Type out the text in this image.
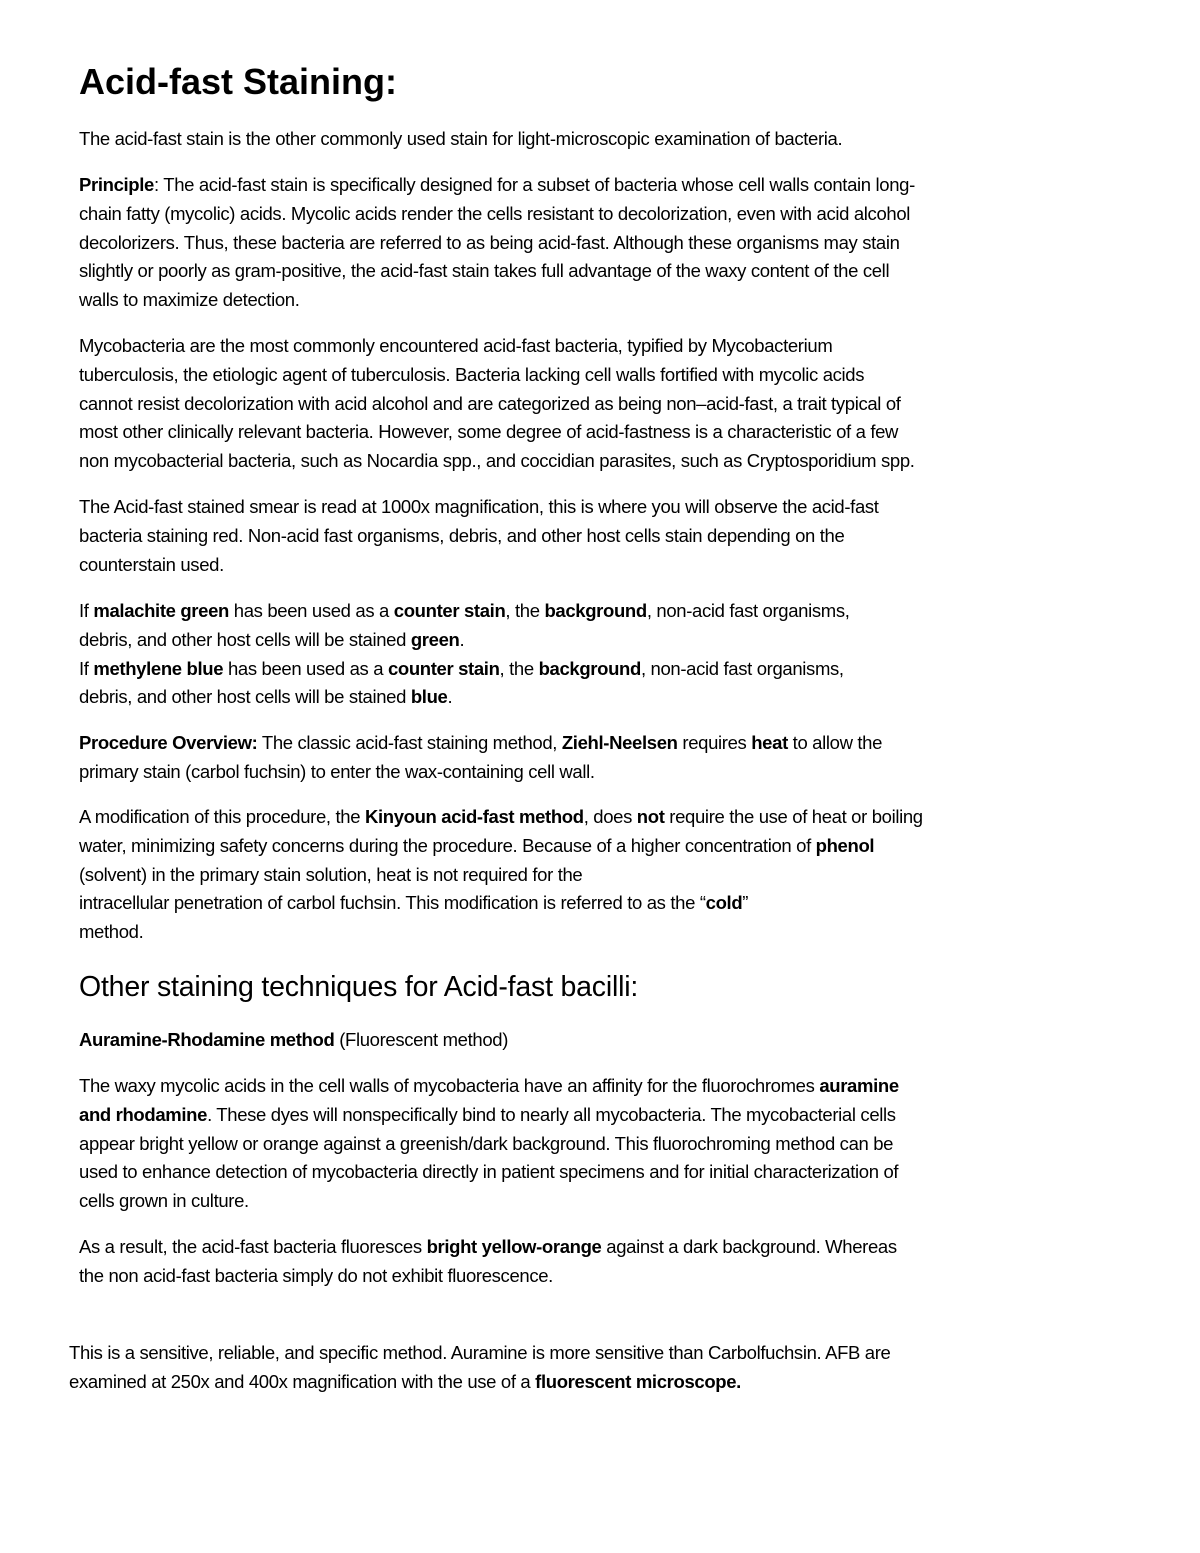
Acid-fast Staining:
The acid-fast stain is the other commonly used stain for light-microscopic examination of bacteria.
Principle: The acid-fast stain is specifically designed for a subset of bacteria whose cell walls contain long-
chain fatty (mycolic) acids. Mycolic acids render the cells resistant to decolorization, even with acid alcohol
decolorizers. Thus, these bacteria are referred to as being acid-fast. Although these organisms may stain
slightly or poorly as gram-positive, the acid-fast stain takes full advantage of the waxy content of the cell
walls to maximize detection.
Mycobacteria are the most commonly encountered acid-fast bacteria, typified by Mycobacterium
tuberculosis, the etiologic agent of tuberculosis. Bacteria lacking cell walls fortified with mycolic acids
cannot resist decolorization with acid alcohol and are categorized as being non–acid-fast, a trait typical of
most other clinically relevant bacteria. However, some degree of acid-fastness is a characteristic of a few
non mycobacterial bacteria, such as Nocardia spp., and coccidian parasites, such as Cryptosporidium spp.
The Acid-fast stained smear is read at 1000x magnification, this is where you will observe the acid-fast
bacteria staining red. Non-acid fast organisms, debris, and other host cells stain depending on the
counterstain used.
If malachite green has been used as a counter stain, the background, non-acid fast organisms,
debris, and other host cells will be stained green.
If methylene blue has been used as a counter stain, the background, non-acid fast organisms,
debris, and other host cells will be stained blue.
Procedure Overview: The classic acid-fast staining method, Ziehl-Neelsen requires heat to allow the
primary stain (carbol fuchsin) to enter the wax-containing cell wall.
A modification of this procedure, the Kinyoun acid-fast method, does not require the use of heat or boiling
water, minimizing safety concerns during the procedure. Because of a higher concentration of phenol
(solvent) in the primary stain solution, heat is not required for the
intracellular penetration of carbol fuchsin. This modification is referred to as the “cold”
method.
Other staining techniques for Acid-fast bacilli:
Auramine-Rhodamine method (Fluorescent method)
The waxy mycolic acids in the cell walls of mycobacteria have an affinity for the fluorochromes auramine
and rhodamine. These dyes will nonspecifically bind to nearly all mycobacteria. The mycobacterial cells
appear bright yellow or orange against a greenish/dark background. This fluorochroming method can be
used to enhance detection of mycobacteria directly in patient specimens and for initial characterization of
cells grown in culture.
As a result, the acid-fast bacteria fluoresces bright yellow-orange against a dark background. Whereas
the non acid-fast bacteria simply do not exhibit fluorescence.
This is a sensitive, reliable, and specific method. Auramine is more sensitive than Carbolfuchsin. AFB are
examined at 250x and 400x magnification with the use of a fluorescent microscope.
